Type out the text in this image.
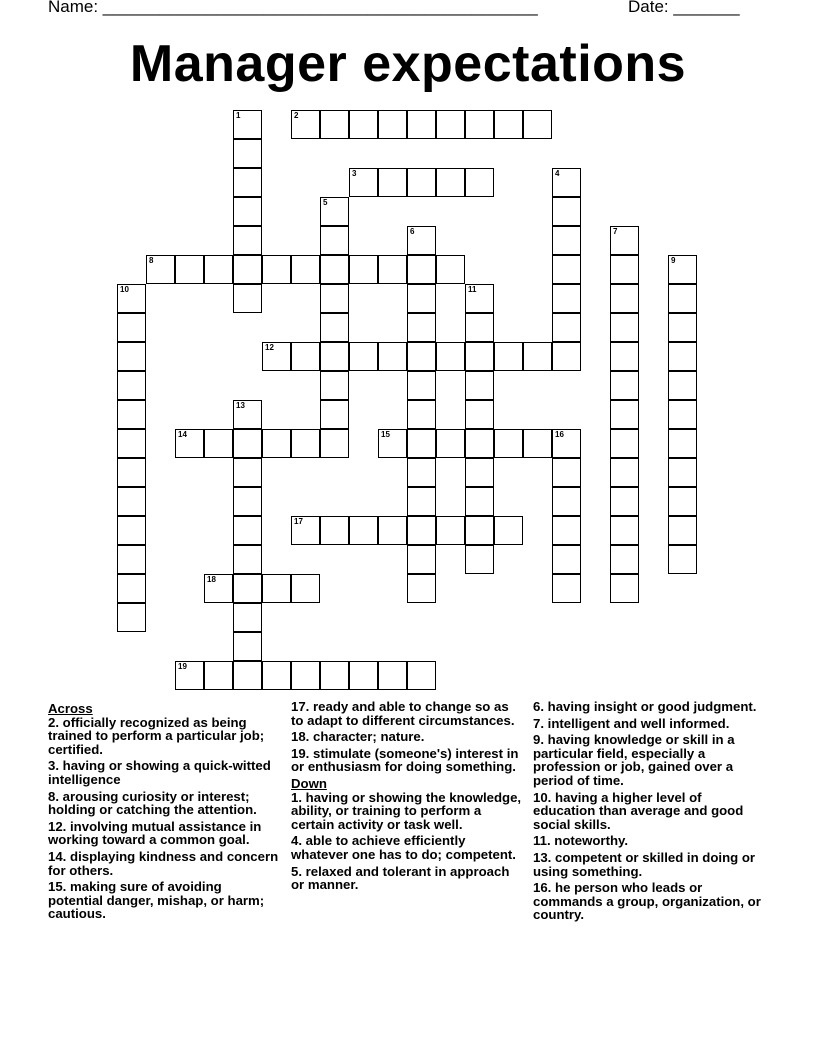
Name: ______________________________________________	Date: _______
Manager expectations
1	2
3	4
5
6	7
8	9
10	11
12
13
14	15	16
17
18
19
Across
2. officially recognized as being trained to perform a particular job; certified.
3. having or showing a quick-witted intelligence
8. arousing curiosity or interest; holding or catching the attention.
12. involving mutual assistance in working toward a common goal.
14. displaying kindness and concern for others.
15. making sure of avoiding potential danger, mishap, or harm; cautious.
17. ready and able to change so as to adapt to different circumstances.
18. character; nature.
19. stimulate (someone's) interest in or enthusiasm for doing something.
Down
1. having or showing the knowledge, ability, or training to perform a certain activity or task well.
4. able to achieve efficiently whatever one has to do; competent.
5. relaxed and tolerant in approach or manner.
6. having insight or good judgment.
7. intelligent and well informed.
9. having knowledge or skill in a particular field, especially a profession or job, gained over a period of time.
10. having a higher level of education than average and good social skills.
11. noteworthy.
13. competent or skilled in doing or using something.
16. he person who leads or commands a group, organization, or country.
